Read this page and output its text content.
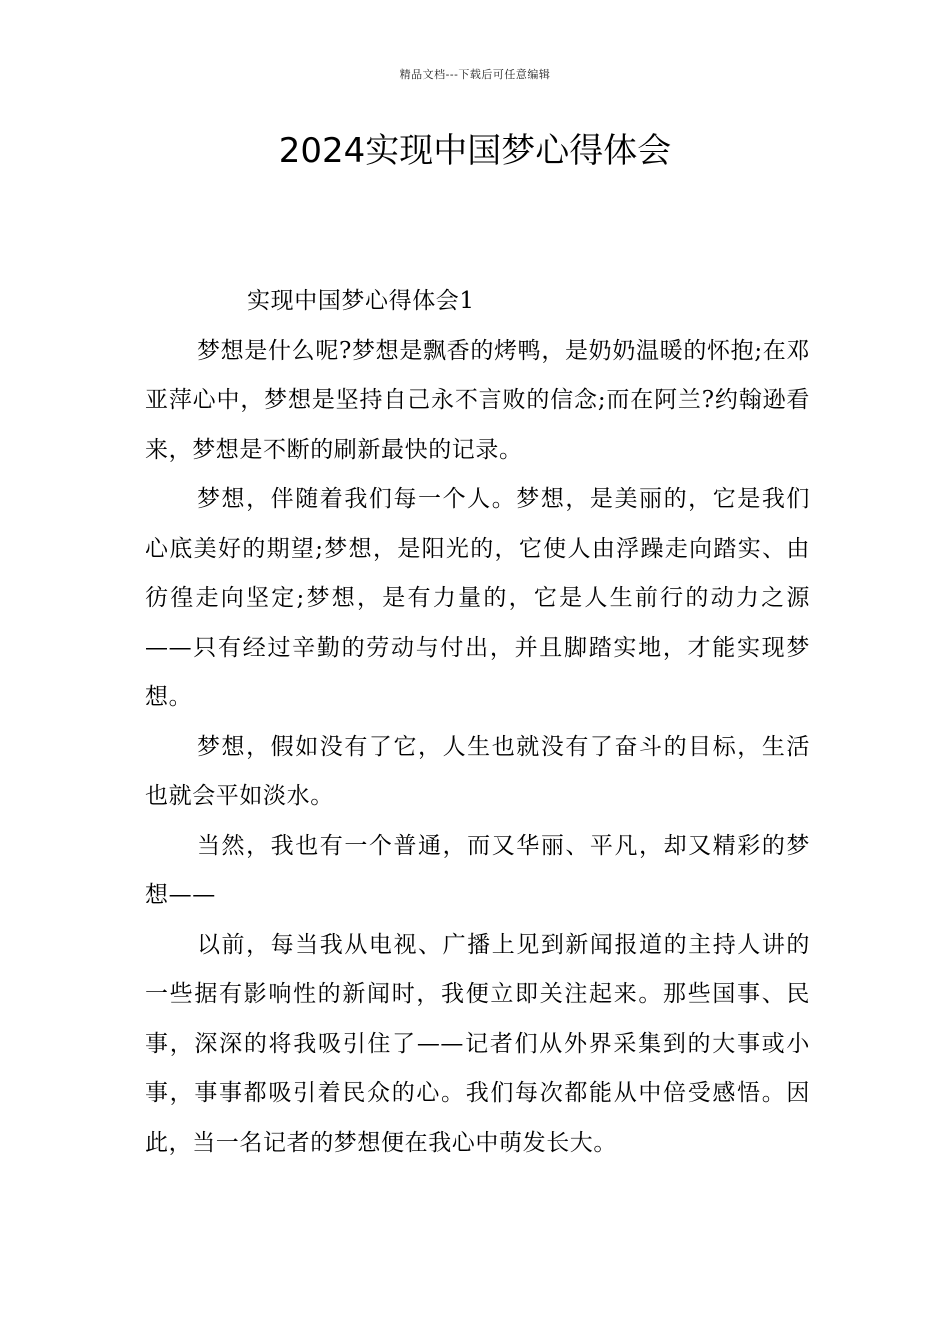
精品文档---下载后可任意编辑
2024实现中国梦心得体会

实现中国梦心得体会1

梦想是什么呢?梦想是飘香的烤鸭，是奶奶温暖的怀抱;在邓亚萍心中，梦想是坚持自己永不言败的信念;而在阿兰?约翰逊看来，梦想是不断的刷新最快的记录。

梦想，伴随着我们每一个人。梦想，是美丽的，它是我们心底美好的期望;梦想，是阳光的，它使人由浮躁走向踏实、由彷徨走向坚定;梦想，是有力量的，它是人生前行的动力之源——只有经过辛勤的劳动与付出，并且脚踏实地，才能实现梦想。

梦想，假如没有了它，人生也就没有了奋斗的目标，生活也就会平如淡水。

当然，我也有一个普通，而又华丽、平凡，却又精彩的梦想——

以前，每当我从电视、广播上见到新闻报道的主持人讲的一些据有影响性的新闻时，我便立即关注起来。那些国事、民事，深深的将我吸引住了——记者们从外界采集到的大事或小事，事事都吸引着民众的心。我们每次都能从中倍受感悟。因此，当一名记者的梦想便在我心中萌发长大。
